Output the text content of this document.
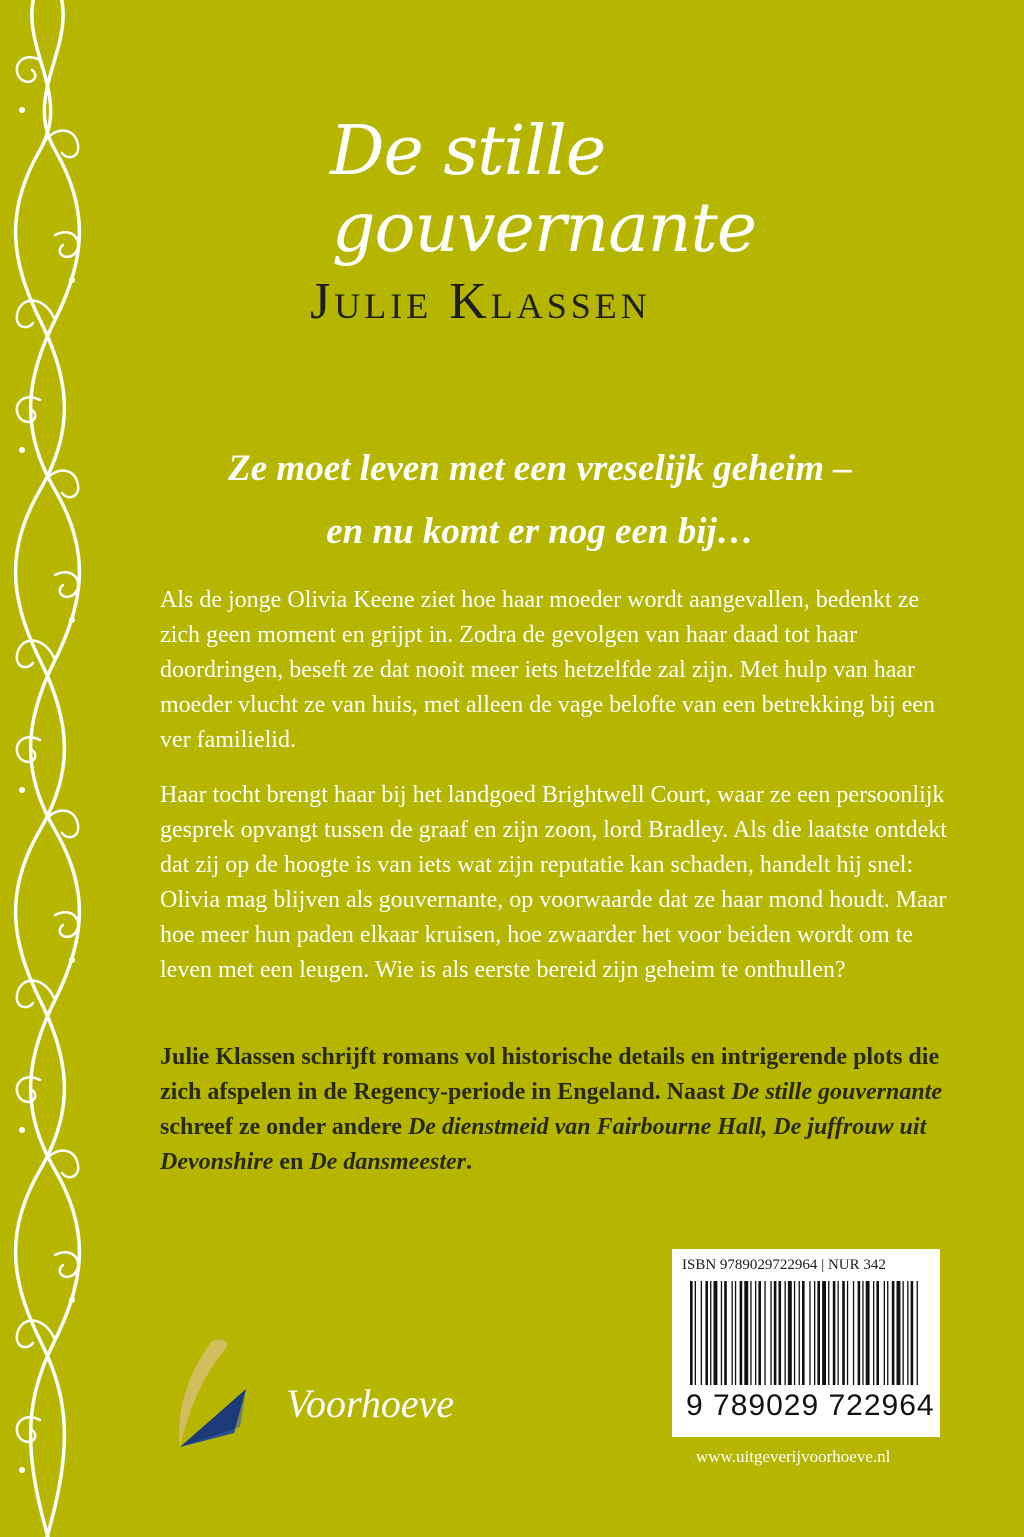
De stille
gouvernante
Julie Klassen
Ze moet leven met een vreselijk geheim –
en nu komt er nog een bij…

Als de jonge Olivia Keene ziet hoe haar moeder wordt aangevallen, bedenkt ze zich geen moment en grijpt in. Zodra de gevolgen van haar daad tot haar doordringen, beseft ze dat nooit meer iets hetzelfde zal zijn. Met hulp van haar moeder vlucht ze van huis, met alleen de vage belofte van een betrekking bij een ver familielid.

Haar tocht brengt haar bij het landgoed Brightwell Court, waar ze een persoonlijk gesprek opvangt tussen de graaf en zijn zoon, lord Bradley. Als die laatste ontdekt dat zij op de hoogte is van iets wat zijn reputatie kan schaden, handelt hij snel: Olivia mag blijven als gouvernante, op voorwaarde dat ze haar mond houdt. Maar hoe meer hun paden elkaar kruisen, hoe zwaarder het voor beiden wordt om te leven met een leugen. Wie is als eerste bereid zijn geheim te onthullen?

Julie Klassen schrijft romans vol historische details en intrigerende plots die zich afspelen in de Regency-periode in Engeland. Naast De stille gouvernante schreef ze onder andere De dienstmeid van Fairbourne Hall, De juffrouw uit Devonshire en De dansmeester.

Voorhoeve
ISBN 9789029722964 | NUR 342
9 789029 722964
www.uitgeverijvoorhoeve.nl
